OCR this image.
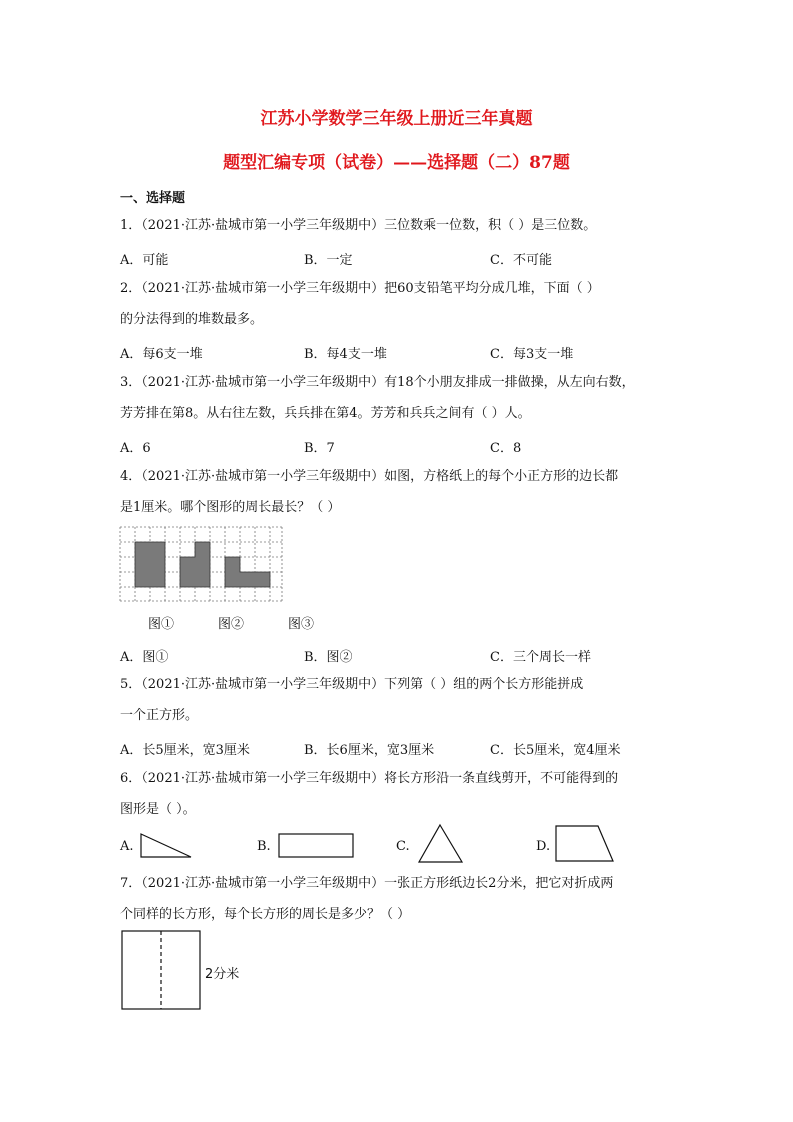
江苏小学数学三年级上册近三年真题
题型汇编专项（试卷）——选择题（二）87题
一、选择题
1．（2021·江苏·盐城市第一小学三年级期中）三位数乘一位数，积（ ）是三位数。
A．可能	B．一定	C．不可能
2．（2021·江苏·盐城市第一小学三年级期中）把60支铅笔平均分成几堆，下面（ ）
的分法得到的堆数最多。
A．每6支一堆	B．每4支一堆	C．每3支一堆
3．（2021·江苏·盐城市第一小学三年级期中）有18个小朋友排成一排做操，从左向右数，
芳芳排在第8。从右往左数，兵兵排在第4。芳芳和兵兵之间有（ ）人。
A．6	B．7	C．8
4．（2021·江苏·盐城市第一小学三年级期中）如图，方格纸上的每个小正方形的边长都
是1厘米。哪个图形的周长最长？（ ）
图①	图②	图③
A．图①	B．图②	C．三个周长一样
5．（2021·江苏·盐城市第一小学三年级期中）下列第（ ）组的两个长方形能拼成
一个正方形。
A．长5厘米，宽3厘米	B．长6厘米，宽3厘米	C．长5厘米，宽4厘米
6．（2021·江苏·盐城市第一小学三年级期中）将长方形沿一条直线剪开，不可能得到的
图形是（ ）。
A.	B.	C.	D.
7．（2021·江苏·盐城市第一小学三年级期中）一张正方形纸边长2分米，把它对折成两
个同样的长方形，每个长方形的周长是多少？（ ）
2分米
